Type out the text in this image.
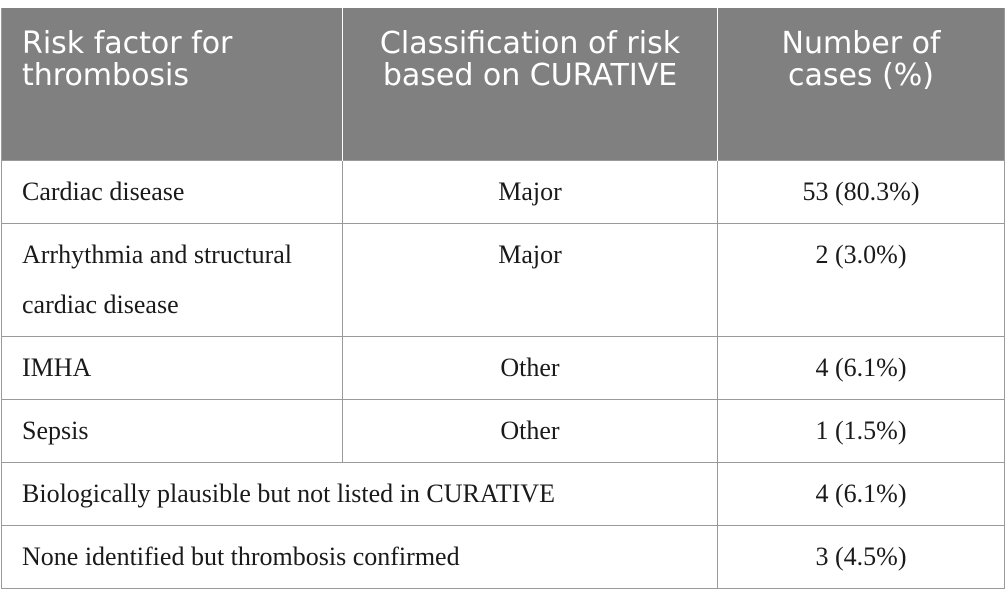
Risk factor for thrombosis	Classification of risk based on CURATIVE	Number of cases (%)
Cardiac disease	Major	53 (80.3%)

Arrhythmia and structural cardiac disease	Major	2 (3.0%)
IMHA	Other	4 (6.1%)
Sepsis	Other	1 (1.5%)
Biologically plausible but not listed in CURATIVE		4 (6.1%)
None identified but thrombosis confirmed		3 (4.5%)
